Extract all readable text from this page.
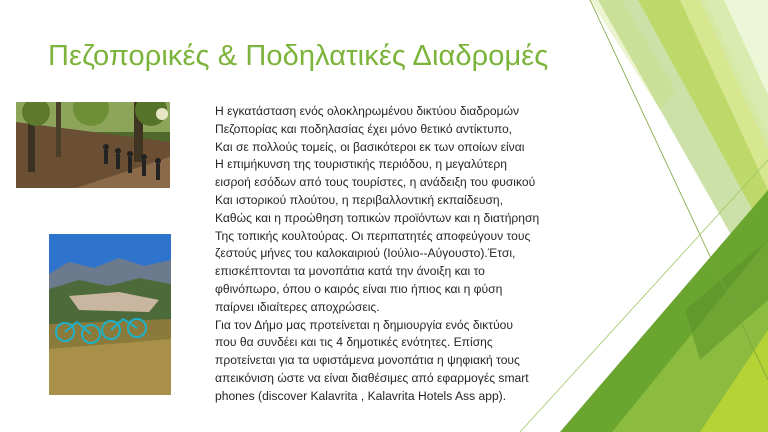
Πεζοπορικές & Ποδηλατικές Διαδρομές

Η εγκατάσταση ενός ολοκληρωμένου δικτύου διαδρομών
Πεζοπορίας και ποδηλασίας έχει μόνο θετικό αντίκτυπο,
Και σε πολλούς τομείς, οι βασικότεροι εκ των οποίων είναι
Η επιμήκυνση της τουριστικής περιόδου, η μεγαλύτερη
εισροή εσόδων από τους τουρίστες, η ανάδειξη του φυσικού
Και ιστορικού πλούτου, η περιβαλλοντική εκπαίδευση,
Καθώς και η προώθηση τοπικών προϊόντων και η διατήρηση
Της τοπικής κουλτούρας. Οι περιπατητές αποφεύγουν τους
ζεστούς μήνες του καλοκαιριού (Ιούλιο--Αύγουστο).Έτσι,
επισκέπτονται τα μονοπάτια κατά την άνοιξη και το
φθινόπωρο, όπου ο καιρός είναι πιο ήπιος και η φύση
παίρνει ιδιαίτερες αποχρώσεις.
Για τον Δήμο μας προτείνεται η δημιουργία ενός δικτύου
που θα συνδέει και τις 4 δημοτικές ενότητες. Επίσης
προτείνεται για τα υφιστάμενα μονοπάτια η ψηφιακή τους
απεικόνιση ώστε να είναι διαθέσιμες από εφαρμογές smart
phones (discover Kalavrita , Kalavrita Hotels Ass app).
